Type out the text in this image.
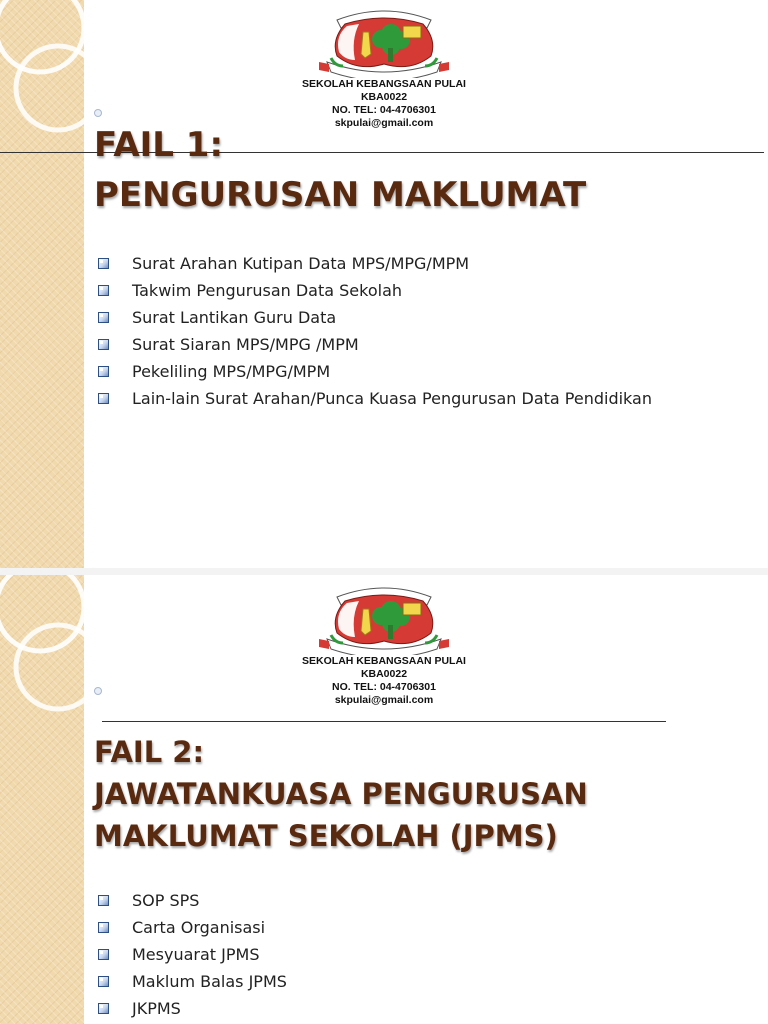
SEKOLAH KEBANGSAAN PULAI
KBA0022
NO. TEL: 04-4706301
skpulai@gmail.com
FAIL 1:
PENGURUSAN MAKLUMAT
Surat Arahan Kutipan Data MPS/MPG/MPM
Takwim Pengurusan Data Sekolah
Surat Lantikan Guru Data
Surat Siaran MPS/MPG /MPM
Pekeliling MPS/MPG/MPM
Lain-lain Surat Arahan/Punca Kuasa Pengurusan Data Pendidikan
SEKOLAH KEBANGSAAN PULAI
KBA0022
NO. TEL: 04-4706301
skpulai@gmail.com
FAIL 2:
JAWATANKUASA PENGURUSAN
MAKLUMAT SEKOLAH (JPMS)
SOP SPS
Carta Organisasi
Mesyuarat JPMS
Maklum Balas JPMS
JKPMS
